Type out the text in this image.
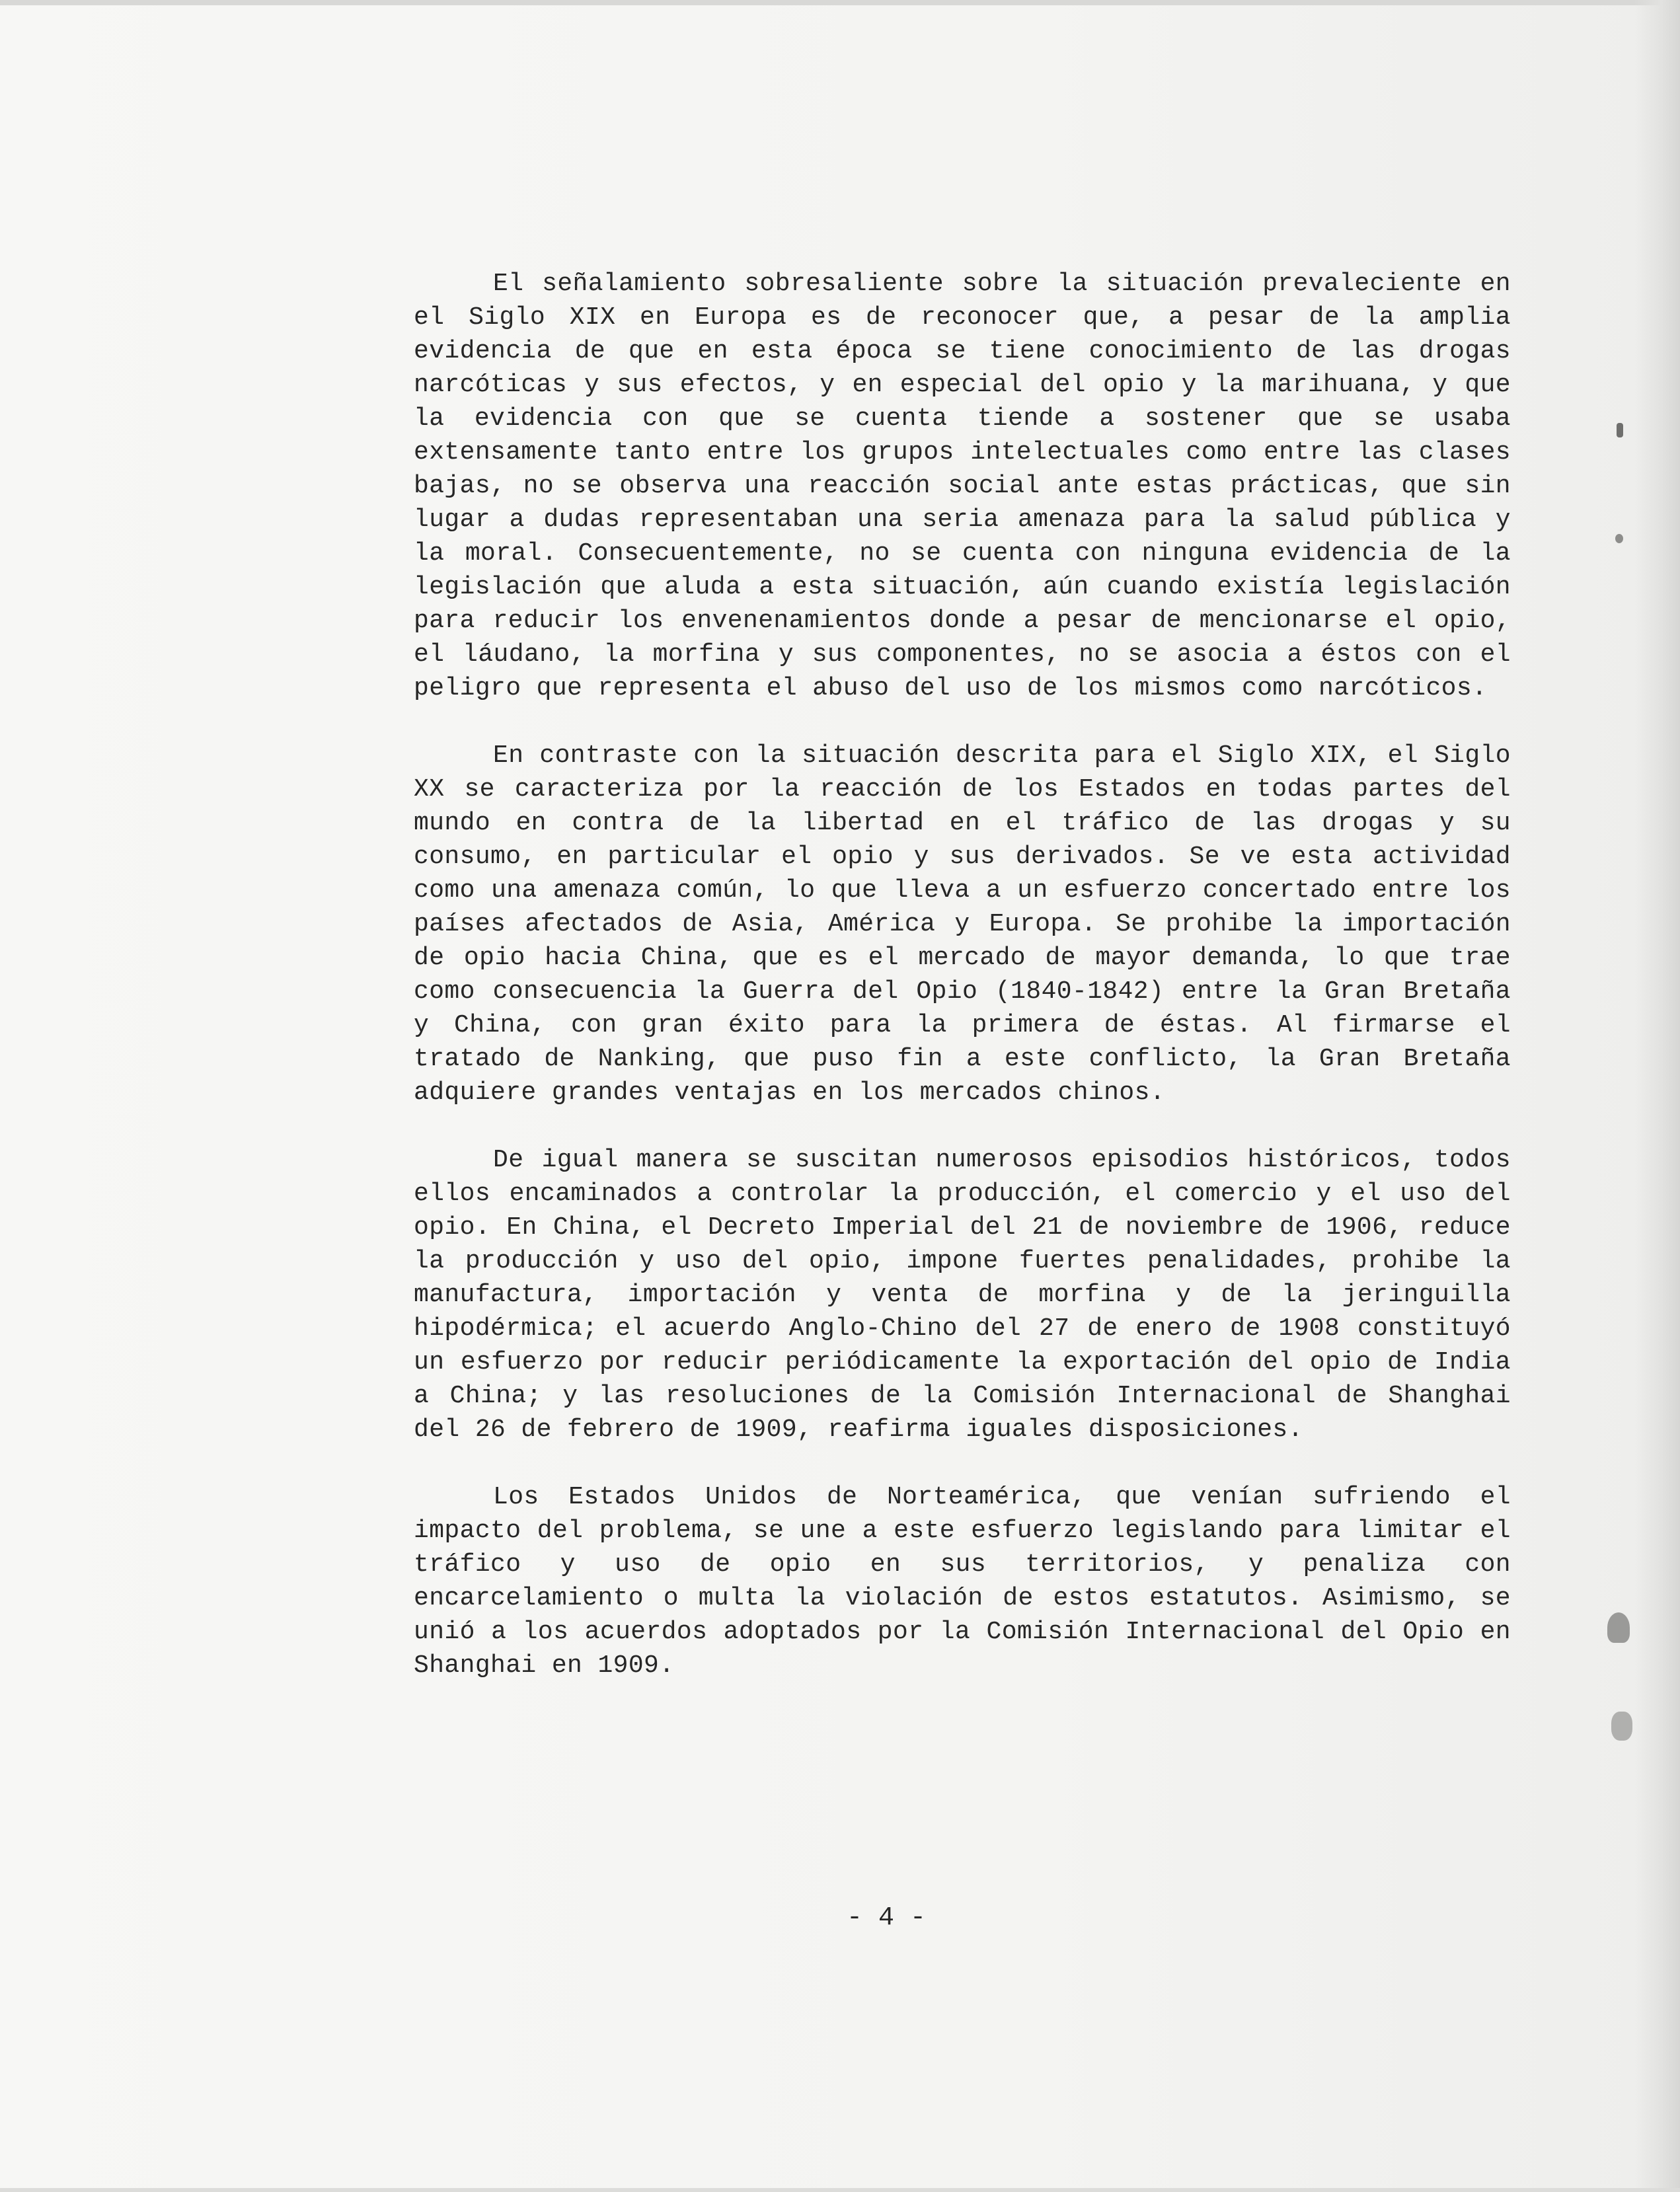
El señalamiento sobresaliente sobre la situación prevaleciente en el Siglo XIX en Europa es de reconocer que, a pesar de la amplia evidencia de que en esta época se tiene conocimiento de las drogas narcóticas y sus efectos, y en especial del opio y la marihuana, y que la evidencia con que se cuenta tiende a sostener que se usaba extensamente tanto entre los grupos intelectuales como entre las clases bajas, no se observa una reacción social ante estas prácticas, que sin lugar a dudas representaban una seria amenaza para la salud pública y la moral. Consecuentemente, no se cuenta con ninguna evidencia de la legislación que aluda a esta situación, aún cuando existía legislación para reducir los envenenamientos donde a pesar de mencionarse el opio, el láudano, la morfina y sus componentes, no se asocia a éstos con el peligro que representa el abuso del uso de los mismos como narcóticos.

En contraste con la situación descrita para el Siglo XIX, el Siglo XX se caracteriza por la reacción de los Estados en todas partes del mundo en contra de la libertad en el tráfico de las drogas y su consumo, en particular el opio y sus derivados. Se ve esta actividad como una amenaza común, lo que lleva a un esfuerzo concertado entre los países afectados de Asia, América y Europa. Se prohibe la importación de opio hacia China, que es el mercado de mayor demanda, lo que trae como consecuencia la Guerra del Opio (1840-1842) entre la Gran Bretaña y China, con gran éxito para la primera de éstas. Al firmarse el tratado de Nanking, que puso fin a este conflicto, la Gran Bretaña adquiere grandes ventajas en los mercados chinos.

De igual manera se suscitan numerosos episodios históricos, todos ellos encaminados a controlar la producción, el comercio y el uso del opio. En China, el Decreto Imperial del 21 de noviembre de 1906, reduce la producción y uso del opio, impone fuertes penalidades, prohibe la manufactura, importación y venta de morfina y de la jeringuilla hipodérmica; el acuerdo Anglo-Chino del 27 de enero de 1908 constituyó un esfuerzo por reducir periódicamente la exportación del opio de India a China; y las resoluciones de la Comisión Internacional de Shanghai del 26 de febrero de 1909, reafirma iguales disposiciones.

Los Estados Unidos de Norteamérica, que venían sufriendo el impacto del problema, se une a este esfuerzo legislando para limitar el tráfico y uso de opio en sus territorios, y penaliza con encarcelamiento o multa la violación de estos estatutos. Asimismo, se unió a los acuerdos adoptados por la Comisión Internacional del Opio en Shanghai en 1909.

- 4 -
